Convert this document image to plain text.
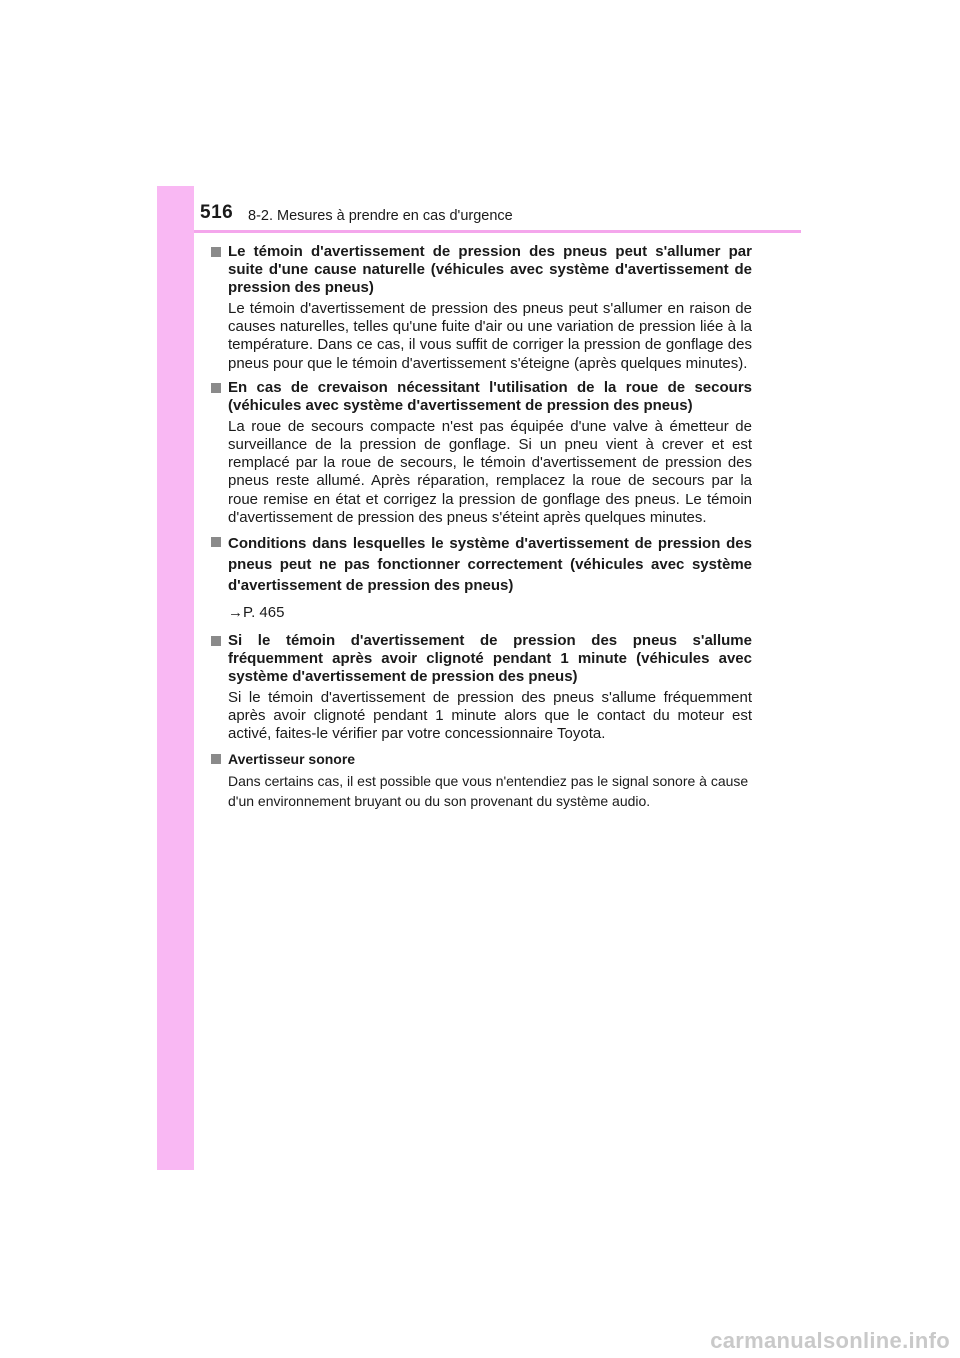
516 8-2. Mesures à prendre en cas d'urgence
Le témoin d'avertissement de pression des pneus peut s'allumer par suite d'une cause naturelle (véhicules avec système d'avertissement de pression des pneus)
Le témoin d'avertissement de pression des pneus peut s'allumer en raison de causes naturelles, telles qu'une fuite d'air ou une variation de pression liée à la température. Dans ce cas, il vous suffit de corriger la pression de gonflage des pneus pour que le témoin d'avertissement s'éteigne (après quelques minutes).
En cas de crevaison nécessitant l'utilisation de la roue de secours (véhicules avec système d'avertissement de pression des pneus)
La roue de secours compacte n'est pas équipée d'une valve à émetteur de surveillance de la pression de gonflage. Si un pneu vient à crever et est remplacé par la roue de secours, le témoin d'avertissement de pression des pneus reste allumé. Après réparation, remplacez la roue de secours par la roue remise en état et corrigez la pression de gonflage des pneus. Le témoin d'avertissement de pression des pneus s'éteint après quelques minutes.
Conditions dans lesquelles le système d'avertissement de pression des pneus peut ne pas fonctionner correctement (véhicules avec système d'avertissement de pression des pneus)
→P. 465
Si le témoin d'avertissement de pression des pneus s'allume fréquemment après avoir clignoté pendant 1 minute (véhicules avec système d'avertissement de pression des pneus)
Si le témoin d'avertissement de pression des pneus s'allume fréquemment après avoir clignoté pendant 1 minute alors que le contact du moteur est activé, faites-le vérifier par votre concessionnaire Toyota.
Avertisseur sonore
Dans certains cas, il est possible que vous n'entendiez pas le signal sonore à cause d'un environnement bruyant ou du son provenant du système audio.
carmanualsonline.info
